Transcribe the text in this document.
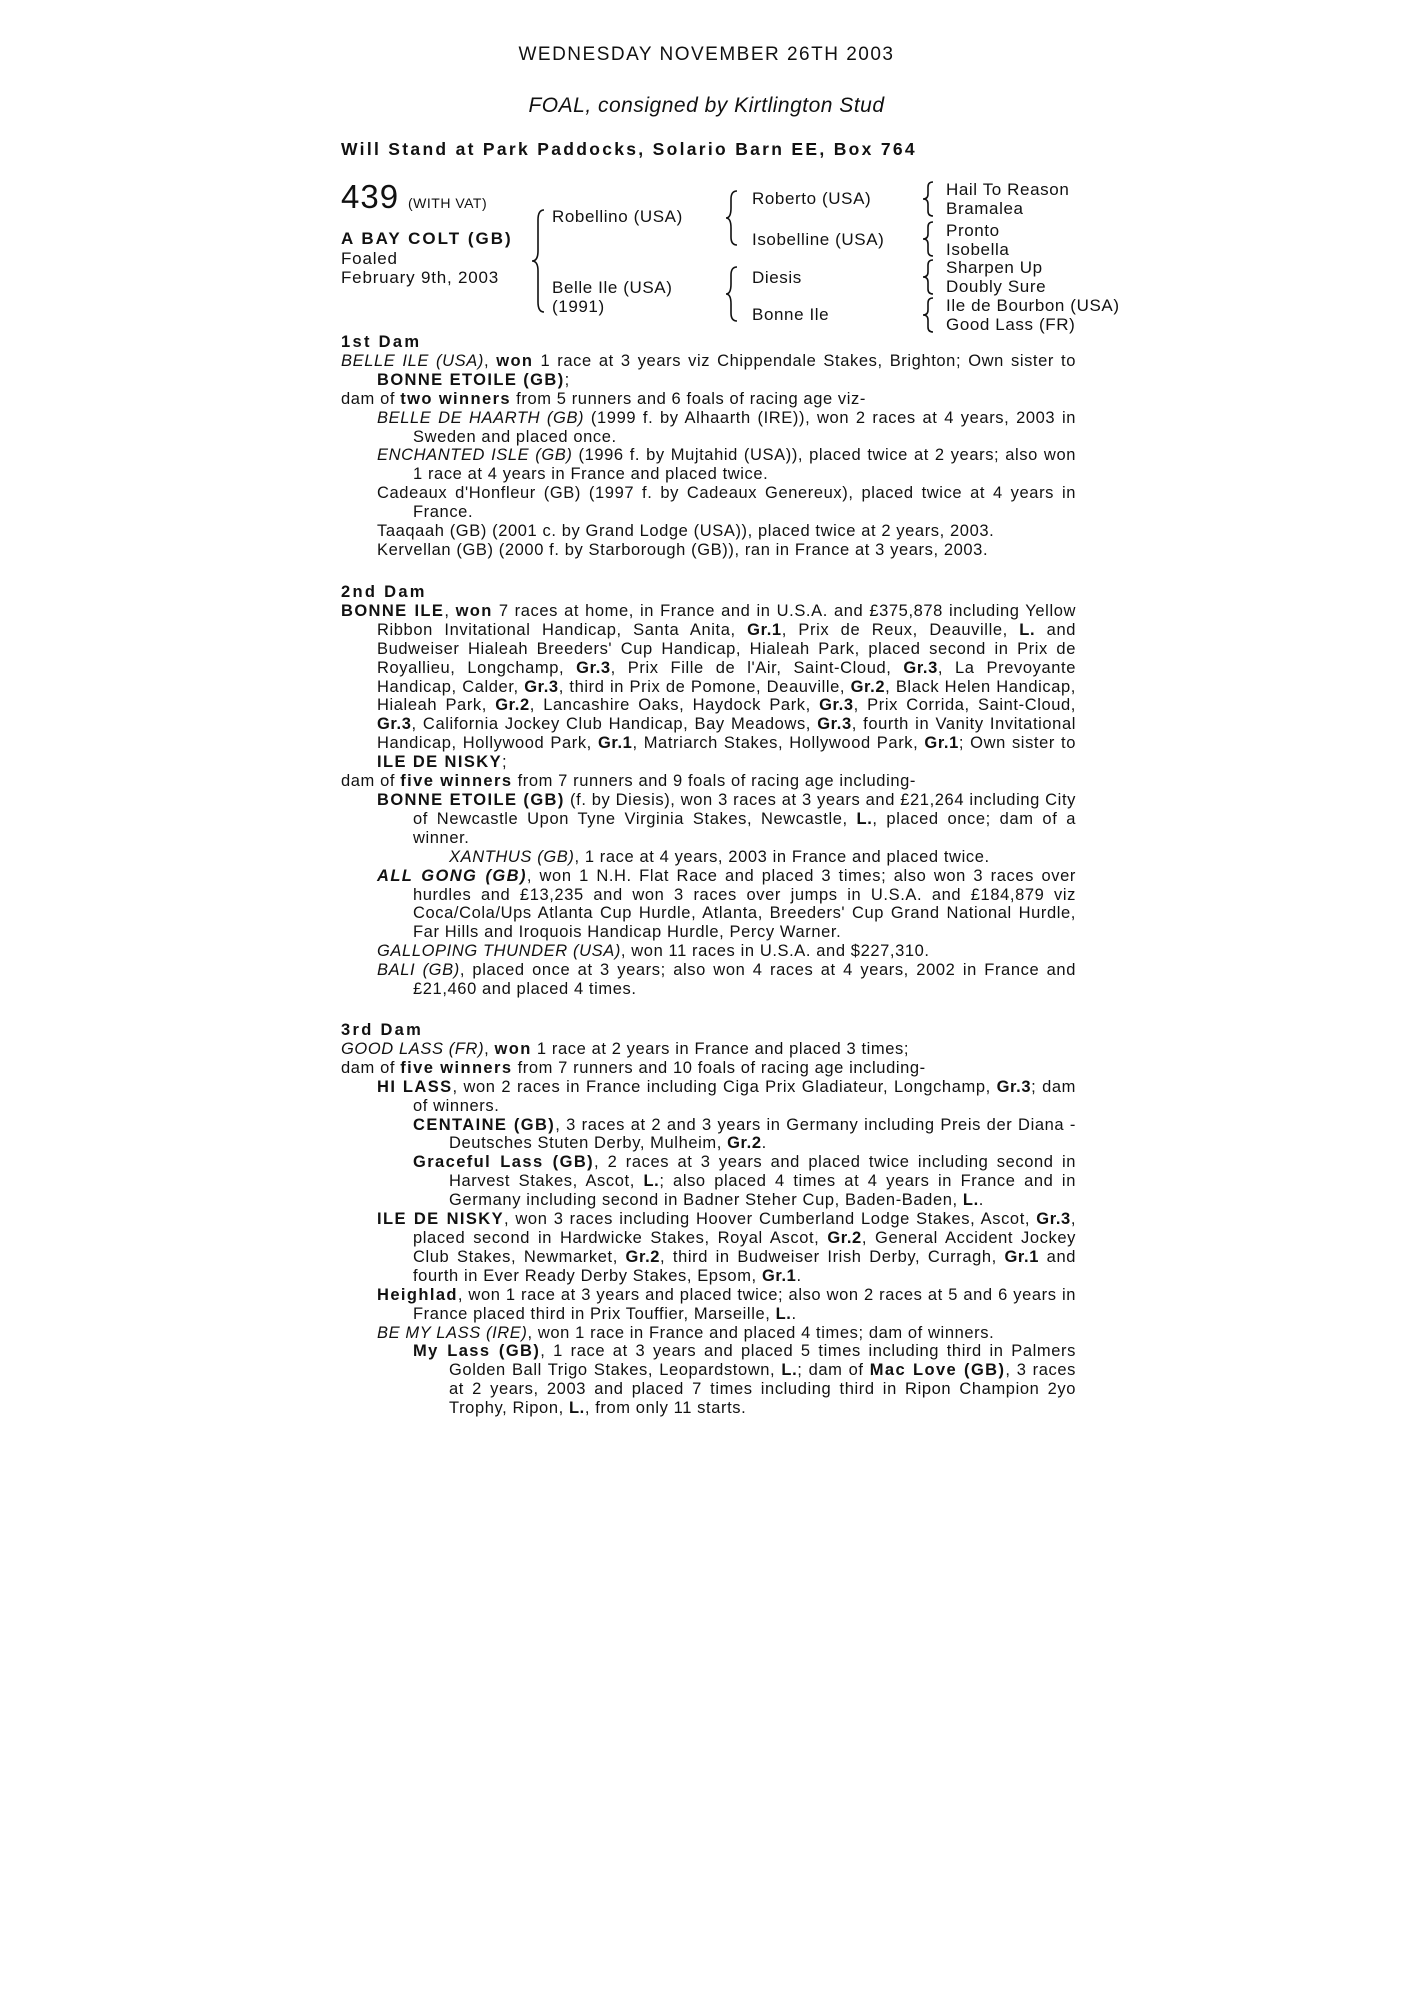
WEDNESDAY NOVEMBER 26TH 2003
FOAL, consigned by Kirtlington Stud
Will Stand at Park Paddocks, Solario Barn EE, Box 764
439 (WITH VAT)
A BAY COLT (GB)
Foaled
February 9th, 2003
Robellino (USA)
Belle Ile (USA)
(1991)
Roberto (USA)
Isobelline (USA)
Diesis
Bonne Ile
Hail To Reason
Bramalea
Pronto
Isobella
Sharpen Up
Doubly Sure
Ile de Bourbon (USA)
Good Lass (FR)

1st Dam

BELLE ILE (USA), won 1 race at 3 years viz Chippendale Stakes, Brighton; Own sister to BONNE ETOILE (GB);

dam of two winners from 5 runners and 6 foals of racing age viz-

BELLE DE HAARTH (GB) (1999 f. by Alhaarth (IRE)), won 2 races at 4 years, 2003 in Sweden and placed once.

ENCHANTED ISLE (GB) (1996 f. by Mujtahid (USA)), placed twice at 2 years; also won 1 race at 4 years in France and placed twice.

Cadeaux d'Honfleur (GB) (1997 f. by Cadeaux Genereux), placed twice at 4 years in France.

Taaqaah (GB) (2001 c. by Grand Lodge (USA)), placed twice at 2 years, 2003.

Kervellan (GB) (2000 f. by Starborough (GB)), ran in France at 3 years, 2003.

2nd Dam

BONNE ILE, won 7 races at home, in France and in U.S.A. and £375,878 including Yellow Ribbon Invitational Handicap, Santa Anita, Gr.1, Prix de Reux, Deauville, L. and Budweiser Hialeah Breeders' Cup Handicap, Hialeah Park, placed second in Prix de Royallieu, Longchamp, Gr.3, Prix Fille de l'Air, Saint-Cloud, Gr.3, La Prevoyante Handicap, Calder, Gr.3, third in Prix de Pomone, Deauville, Gr.2, Black Helen Handicap, Hialeah Park, Gr.2, Lancashire Oaks, Haydock Park, Gr.3, Prix Corrida, Saint-Cloud, Gr.3, California Jockey Club Handicap, Bay Meadows, Gr.3, fourth in Vanity Invitational Handicap, Hollywood Park, Gr.1, Matriarch Stakes, Hollywood Park, Gr.1; Own sister to ILE DE NISKY;

dam of five winners from 7 runners and 9 foals of racing age including-

BONNE ETOILE (GB) (f. by Diesis), won 3 races at 3 years and £21,264 including City of Newcastle Upon Tyne Virginia Stakes, Newcastle, L., placed once; dam of a winner.

XANTHUS (GB), 1 race at 4 years, 2003 in France and placed twice.

ALL GONG (GB), won 1 N.H. Flat Race and placed 3 times; also won 3 races over hurdles and £13,235 and won 3 races over jumps in U.S.A. and £184,879 viz Coca/Cola/Ups Atlanta Cup Hurdle, Atlanta, Breeders' Cup Grand National Hurdle, Far Hills and Iroquois Handicap Hurdle, Percy Warner.

GALLOPING THUNDER (USA), won 11 races in U.S.A. and $227,310.

BALI (GB), placed once at 3 years; also won 4 races at 4 years, 2002 in France and £21,460 and placed 4 times.

3rd Dam

GOOD LASS (FR), won 1 race at 2 years in France and placed 3 times;

dam of five winners from 7 runners and 10 foals of racing age including-

HI LASS, won 2 races in France including Ciga Prix Gladiateur, Longchamp, Gr.3; dam of winners.

CENTAINE (GB), 3 races at 2 and 3 years in Germany including Preis der Diana - Deutsches Stuten Derby, Mulheim, Gr.2.

Graceful Lass (GB), 2 races at 3 years and placed twice including second in Harvest Stakes, Ascot, L.; also placed 4 times at 4 years in France and in Germany including second in Badner Steher Cup, Baden-Baden, L..

ILE DE NISKY, won 3 races including Hoover Cumberland Lodge Stakes, Ascot, Gr.3, placed second in Hardwicke Stakes, Royal Ascot, Gr.2, General Accident Jockey Club Stakes, Newmarket, Gr.2, third in Budweiser Irish Derby, Curragh, Gr.1 and fourth in Ever Ready Derby Stakes, Epsom, Gr.1.

Heighlad, won 1 race at 3 years and placed twice; also won 2 races at 5 and 6 years in France placed third in Prix Touffier, Marseille, L..

BE MY LASS (IRE), won 1 race in France and placed 4 times; dam of winners.

My Lass (GB), 1 race at 3 years and placed 5 times including third in Palmers Golden Ball Trigo Stakes, Leopardstown, L.; dam of Mac Love (GB), 3 races at 2 years, 2003 and placed 7 times including third in Ripon Champion 2yo Trophy, Ripon, L., from only 11 starts.
